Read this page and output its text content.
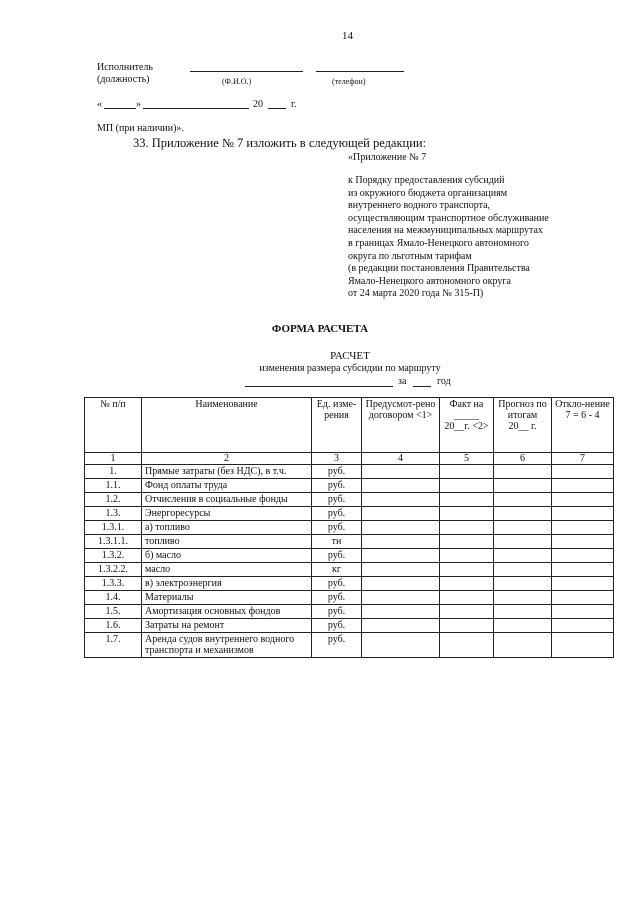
14
Исполнитель
(должность)	(Ф.И.О.)	(телефон)
«	»	20	г.
МП (при наличии)».
33. Приложение № 7 изложить в следующей редакции:
«Приложение № 7
к Порядку предоставления субсидий
из окружного бюджета организациям
внутреннего водного транспорта,
осуществляющим транспортное обслуживание
населения на межмуниципальных маршрутах
в границах Ямало-Ненецкого автономного
округа по льготным тарифам
(в редакции постановления Правительства
Ямало-Ненецкого автономного округа
от 24 марта 2020 года № 315-П)
ФОРМА РАСЧЕТА
РАСЧЕТ
изменения размера субсидии по маршруту
за	год
№ п/п	Наименование	Ед. изме-рения	Предусмот-рено договором <1>	Факт на _____ 20__г. <2>	Прогноз по итогам 20__ г.	Откло-нение 7 = 6 - 4
1	2	3	4	5	6	7
1.	Прямые затраты (без НДС), в т.ч.	руб.				
1.1.	Фонд оплаты труда	руб.				
1.2.	Отчисления в социальные фонды	руб.				
1.3.	Энергоресурсы	руб.				
1.3.1.	а) топливо	руб.				
1.3.1.1.	топливо	тн				
1.3.2.	б) масло	руб.				
1.3.2.2.	масло	кг				
1.3.3.	в) электроэнергия	руб.				
1.4.	Материалы	руб.				
1.5.	Амортизация основных фондов	руб.				
1.6.	Затраты на ремонт	руб.				
1.7.	Аренда судов внутреннего водного транспорта и механизмов	руб.				
